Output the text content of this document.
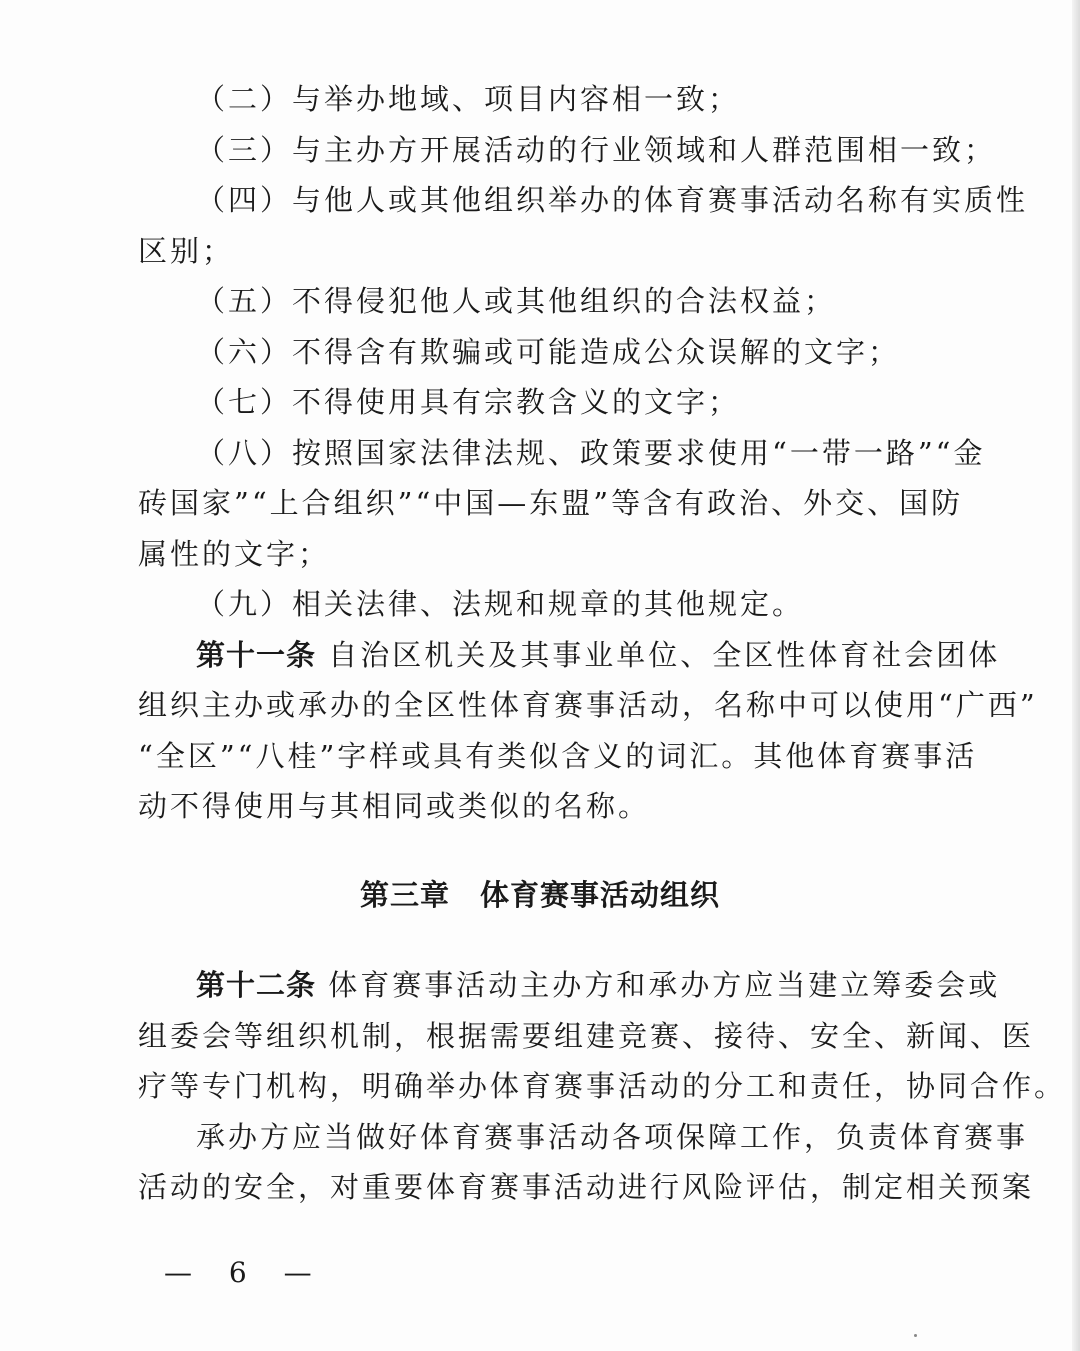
（二）与举办地域、项目内容相一致；
（三）与主办方开展活动的行业领域和人群范围相一致；
（四）与他人或其他组织举办的体育赛事活动名称有实质性
区别；
（五）不得侵犯他人或其他组织的合法权益；
（六）不得含有欺骗或可能造成公众误解的文字；
（七）不得使用具有宗教含义的文字；
（八）按照国家法律法规、政策要求使用“一带一路”“金
砖国家”“上合组织”“中国—东盟”等含有政治、外交、国防
属性的文字；
（九）相关法律、法规和规章的其他规定。
第十一条 自治区机关及其事业单位、全区性体育社会团体
组织主办或承办的全区性体育赛事活动，名称中可以使用“广西”
“全区”“八桂”字样或具有类似含义的词汇。其他体育赛事活
动不得使用与其相同或类似的名称。
第三章　体育赛事活动组织
第十二条 体育赛事活动主办方和承办方应当建立筹委会或
组委会等组织机制，根据需要组建竞赛、接待、安全、新闻、医
疗等专门机构，明确举办体育赛事活动的分工和责任，协同合作。
承办方应当做好体育赛事活动各项保障工作，负责体育赛事
活动的安全，对重要体育赛事活动进行风险评估，制定相关预案
— 6 —
